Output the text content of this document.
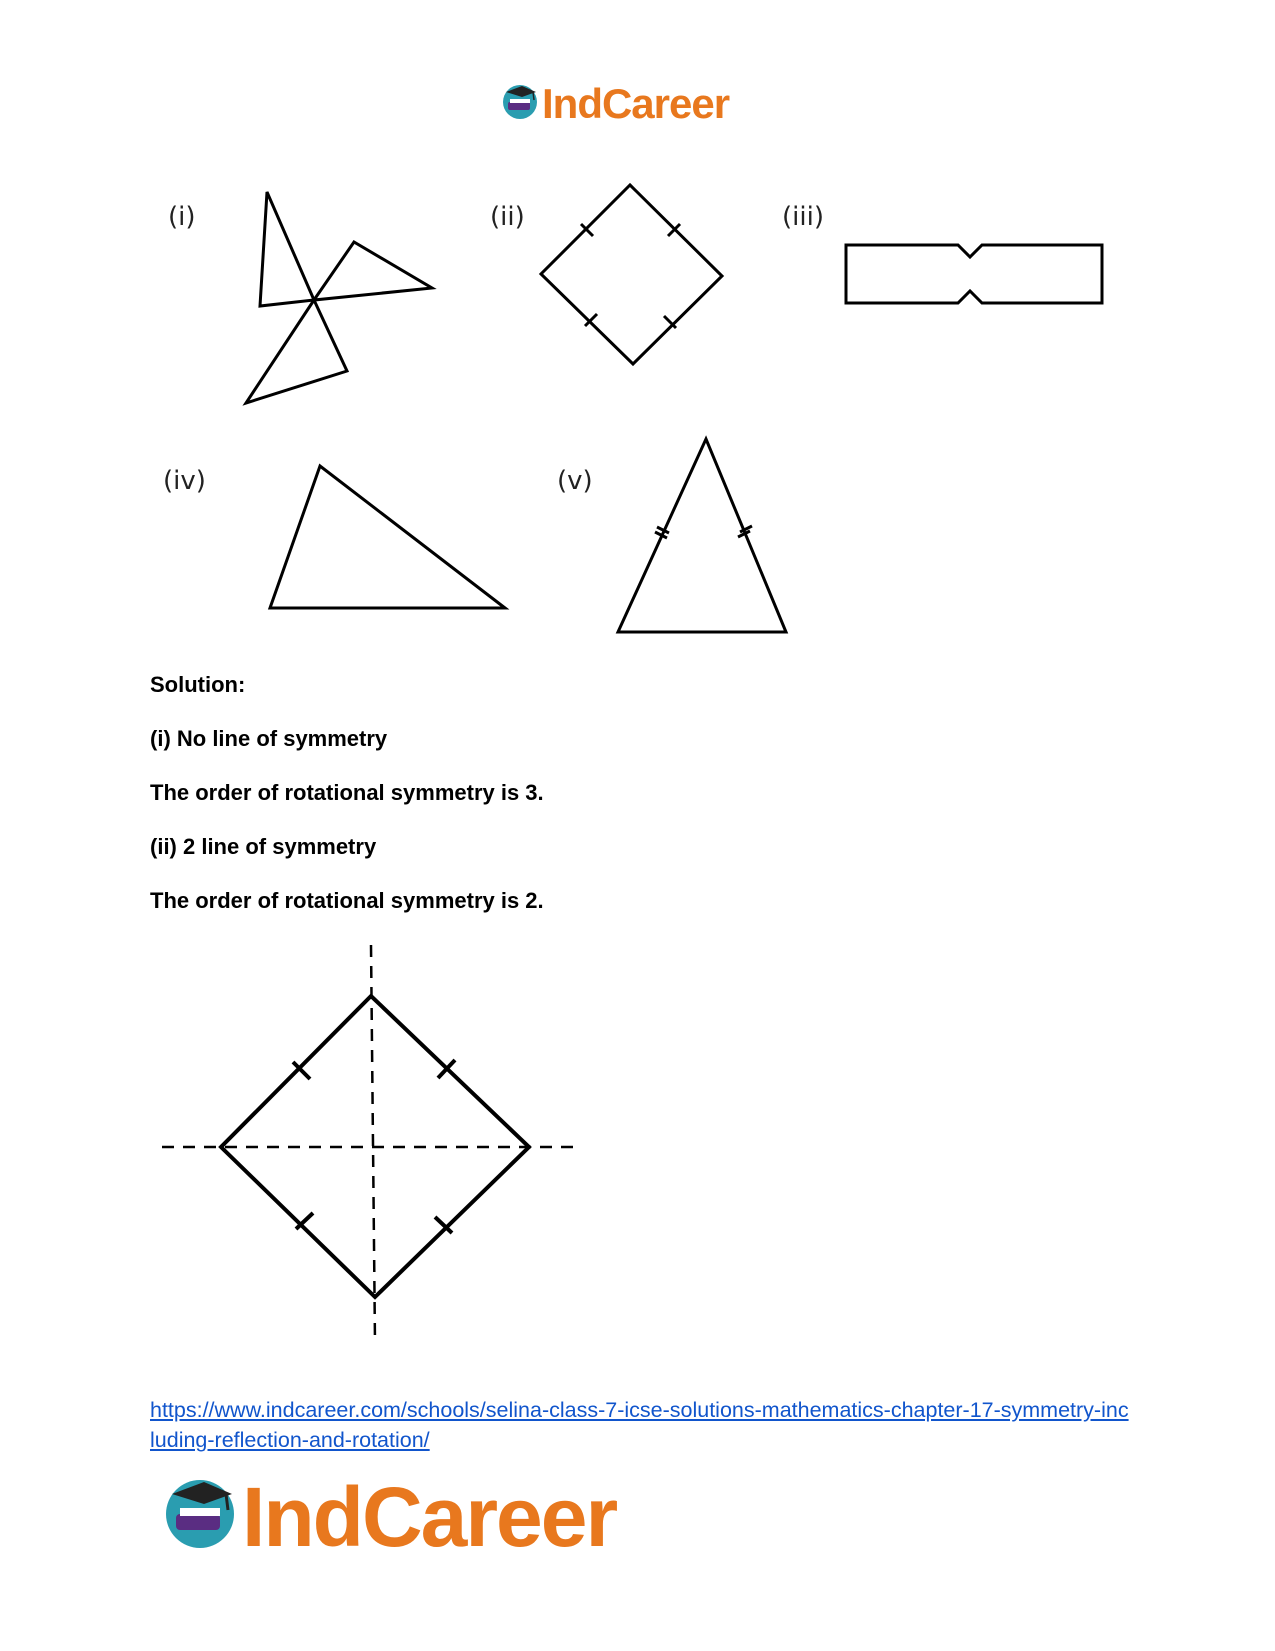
IndCareer
(i)	(ii)	(iii)
(iv)	(v)
Solution:
(i) No line of symmetry
The order of rotational symmetry is 3.
(ii) 2 line of symmetry
The order of rotational symmetry is 2.
https://www.indcareer.com/schools/selina-class-7-icse-solutions-mathematics-chapter-17-symmetry-including-reflection-and-rotation/
IndCareer
